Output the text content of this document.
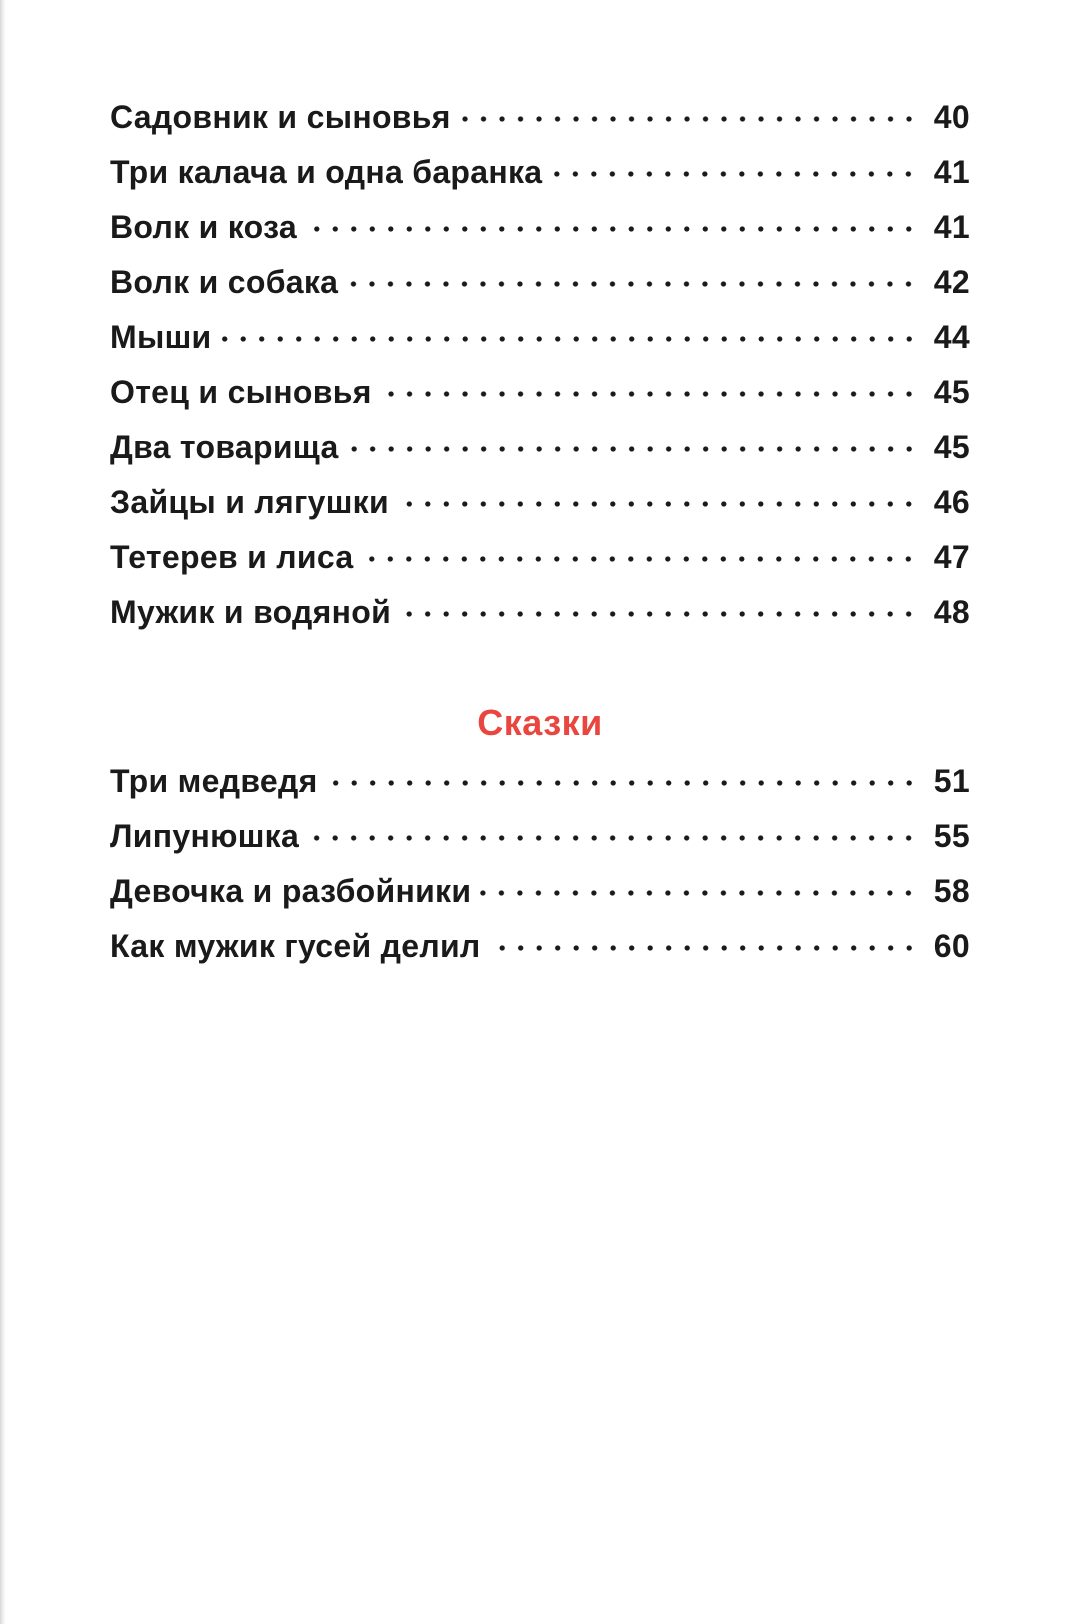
Садовник и сыновья	40
Три калача и одна баранка	41
Волк и коза	41
Волк и собака	42
Мыши	44
Отец и сыновья	45
Два товарища	45
Зайцы и лягушки	46
Тетерев и лиса	47
Мужик и водяной	48
Сказки
Три медведя	51
Липунюшка	55
Девочка и разбойники	58
Как мужик гусей делил	60
